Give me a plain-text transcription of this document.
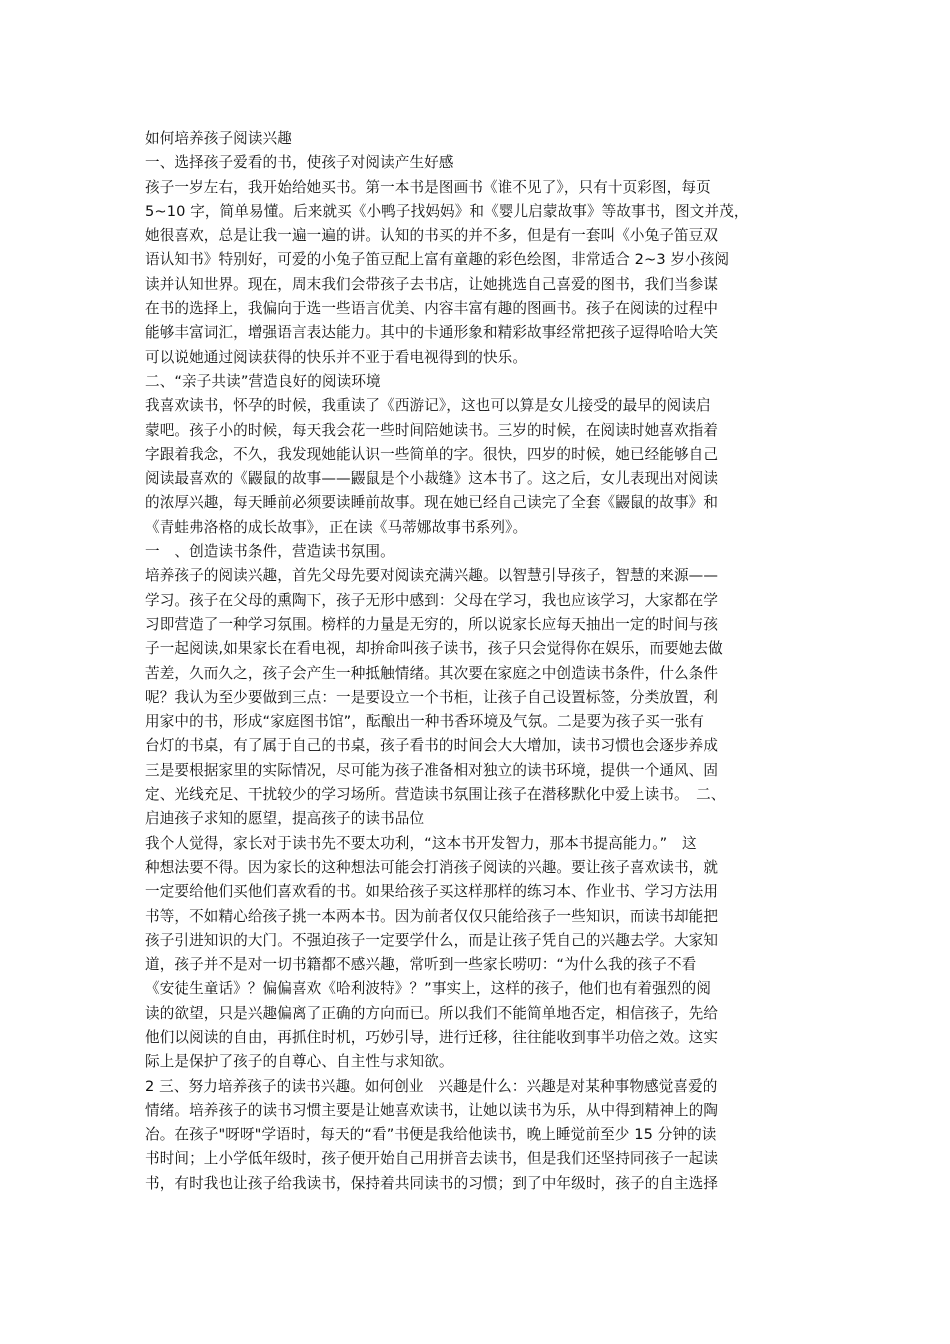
如何培养孩子阅读兴趣
一、选择孩子爱看的书，使孩子对阅读产生好感
孩子一岁左右，我开始给她买书。第一本书是图画书《谁不见了》，只有十页彩图，每页
5~10 字，简单易懂。后来就买《小鸭子找妈妈》和《婴儿启蒙故事》等故事书，图文并茂，
她很喜欢，总是让我一遍一遍的讲。认知的书买的并不多，但是有一套叫《小兔子笛豆双
语认知书》特别好，可爱的小兔子笛豆配上富有童趣的彩色绘图，非常适合 2~3 岁小孩阅
读并认知世界。现在，周末我们会带孩子去书店，让她挑选自己喜爱的图书，我们当参谋
在书的选择上，我偏向于选一些语言优美、内容丰富有趣的图画书。孩子在阅读的过程中
能够丰富词汇，增强语言表达能力。其中的卡通形象和精彩故事经常把孩子逗得哈哈大笑
可以说她通过阅读获得的快乐并不亚于看电视得到的快乐。
二、“亲子共读”营造良好的阅读环境
我喜欢读书，怀孕的时候，我重读了《西游记》，这也可以算是女儿接受的最早的阅读启
蒙吧。孩子小的时候，每天我会花一些时间陪她读书。三岁的时候，在阅读时她喜欢指着
字跟着我念，不久，我发现她能认识一些简单的字。很快，四岁的时候，她已经能够自己
阅读最喜欢的《鼹鼠的故事——鼹鼠是个小裁缝》这本书了。这之后，女儿表现出对阅读
的浓厚兴趣，每天睡前必须要读睡前故事。现在她已经自己读完了全套《鼹鼠的故事》和
《青蛙弗洛格的成长故事》，正在读《马蒂娜故事书系列》。
一　、创造读书条件，营造读书氛围。
培养孩子的阅读兴趣，首先父母先要对阅读充满兴趣。以智慧引导孩子，智慧的来源——
学习。孩子在父母的熏陶下，孩子无形中感到：父母在学习，我也应该学习，大家都在学
习即营造了一种学习氛围。榜样的力量是无穷的，所以说家长应每天抽出一定的时间与孩
子一起阅读,如果家长在看电视，却拚命叫孩子读书，孩子只会觉得你在娱乐，而要她去做
苦差，久而久之，孩子会产生一种抵触情绪。其次要在家庭之中创造读书条件，什么条件
呢？我认为至少要做到三点：一是要设立一个书柜，让孩子自己设置标签，分类放置，利
用家中的书，形成“家庭图书馆”，酝酿出一种书香环境及气氛。二是要为孩子买一张有
台灯的书桌，有了属于自己的书桌，孩子看书的时间会大大增加，读书习惯也会逐步养成
三是要根据家里的实际情况，尽可能为孩子准备相对独立的读书环境，提供一个通风、固
定、光线充足、干扰较少的学习场所。营造读书氛围让孩子在潜移默化中爱上读书。　二、
启迪孩子求知的愿望，提高孩子的读书品位
我个人觉得，家长对于读书先不要太功利，“这本书开发智力，那本书提高能力。”　这
种想法要不得。因为家长的这种想法可能会打消孩子阅读的兴趣。要让孩子喜欢读书，就
一定要给他们买他们喜欢看的书。如果给孩子买这样那样的练习本、作业书、学习方法用
书等，不如精心给孩子挑一本两本书。因为前者仅仅只能给孩子一些知识，而读书却能把
孩子引进知识的大门。不强迫孩子一定要学什么，而是让孩子凭自己的兴趣去学。大家知
道，孩子并不是对一切书籍都不感兴趣，常听到一些家长唠叨：“为什么我的孩子不看
《安徒生童话》？偏偏喜欢《哈利波特》？”事实上，这样的孩子，他们也有着强烈的阅
读的欲望，只是兴趣偏离了正确的方向而已。所以我们不能简单地否定，相信孩子，先给
他们以阅读的自由，再抓住时机，巧妙引导，进行迁移，往往能收到事半功倍之效。这实
际上是保护了孩子的自尊心、自主性与求知欲。
2 三、努力培养孩子的读书兴趣。如何创业　兴趣是什么：兴趣是对某种事物感觉喜爱的
情绪。培养孩子的读书习惯主要是让她喜欢读书，让她以读书为乐，从中得到精神上的陶
冶。在孩子"呀呀"学语时，每天的“看”书便是我给他读书，晚上睡觉前至少 15 分钟的读
书时间；上小学低年级时，孩子便开始自己用拼音去读书，但是我们还坚持同孩子一起读
书，有时我也让孩子给我读书，保持着共同读书的习惯；到了中年级时，孩子的自主选择
